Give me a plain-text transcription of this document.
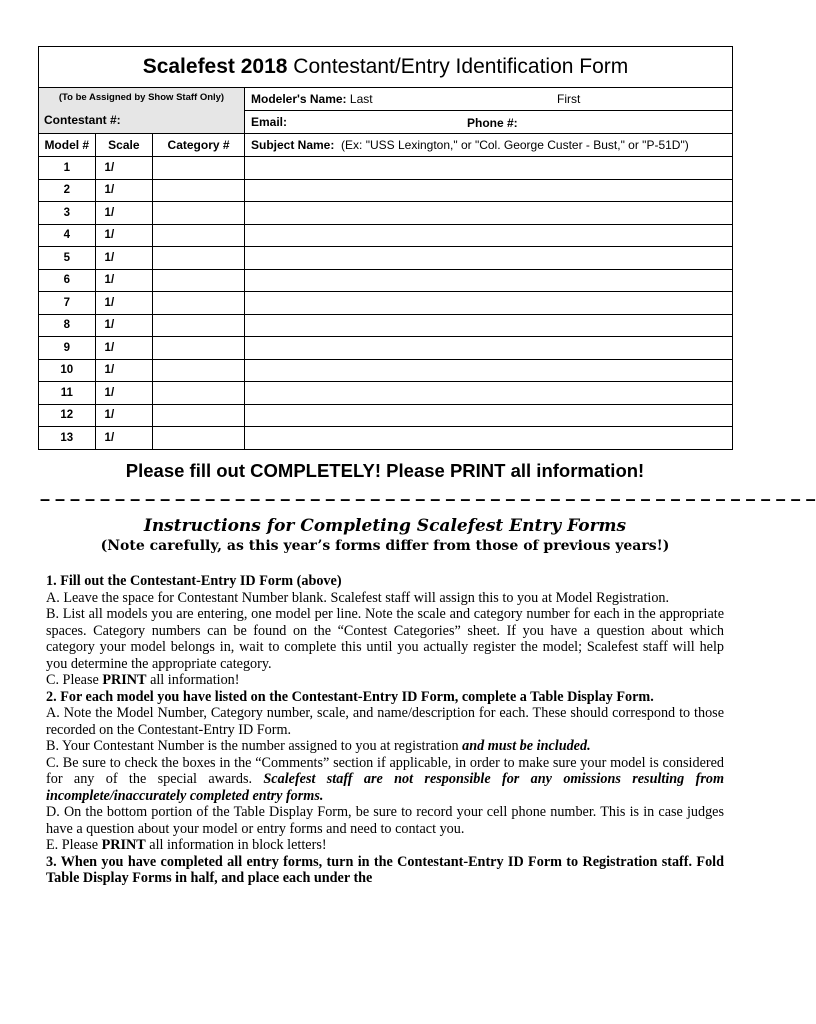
Scalefest 2018 Contestant/Entry Identification Form			

(To be Assigned by Show Staff Only)
Contestant #:			Modeler's Name: Last First

			Email: Phone #:

Model #	Scale	Category #	Subject Name: (Ex: "USS Lexington," or "Col. George Custer - Bust," or "P-51D")
1	1/		
2	1/		
3	1/		
4	1/		
5	1/		
6	1/		
7	1/		
8	1/		
9	1/		
10	1/		
11	1/		
12	1/		
13	1/		
Please fill out COMPLETELY! Please PRINT all information!
– – – – – – – – – – – – – – – – – – – – – – – – – – – – – – – – – – – – – – – – – – – – – – – – – – – –
Instructions for Completing Scalefest Entry Forms

(Note carefully, as this year’s forms differ from those of previous years!)

1. Fill out the Contestant-Entry ID Form (above)

A. Leave the space for Contestant Number blank. Scalefest staff will assign this to you at Model Registration.

B. List all models you are entering, one model per line. Note the scale and category number for each in the appropriate spaces. Category numbers can be found on the “Contest Categories” sheet. If you have a question about which category your model belongs in, wait to complete this until you actually register the model; Scalefest staff will help you determine the appropriate category.

C. Please PRINT all information!

2. For each model you have listed on the Contestant-Entry ID Form, complete a Table Display Form.

A. Note the Model Number, Category number, scale, and name/description for each. These should correspond to those recorded on the Contestant-Entry ID Form.

B. Your Contestant Number is the number assigned to you at registration and must be included.

C. Be sure to check the boxes in the “Comments” section if applicable, in order to make sure your model is considered for any of the special awards. Scalefest staff are not responsible for any omissions resulting from incomplete/inaccurately completed entry forms.

D. On the bottom portion of the Table Display Form, be sure to record your cell phone number. This is in case judges have a question about your model or entry forms and need to contact you.

E. Please PRINT all information in block letters!

3. When you have completed all entry forms, turn in the Contestant-Entry ID Form to Registration staff. Fold Table Display Forms in half, and place each under the
